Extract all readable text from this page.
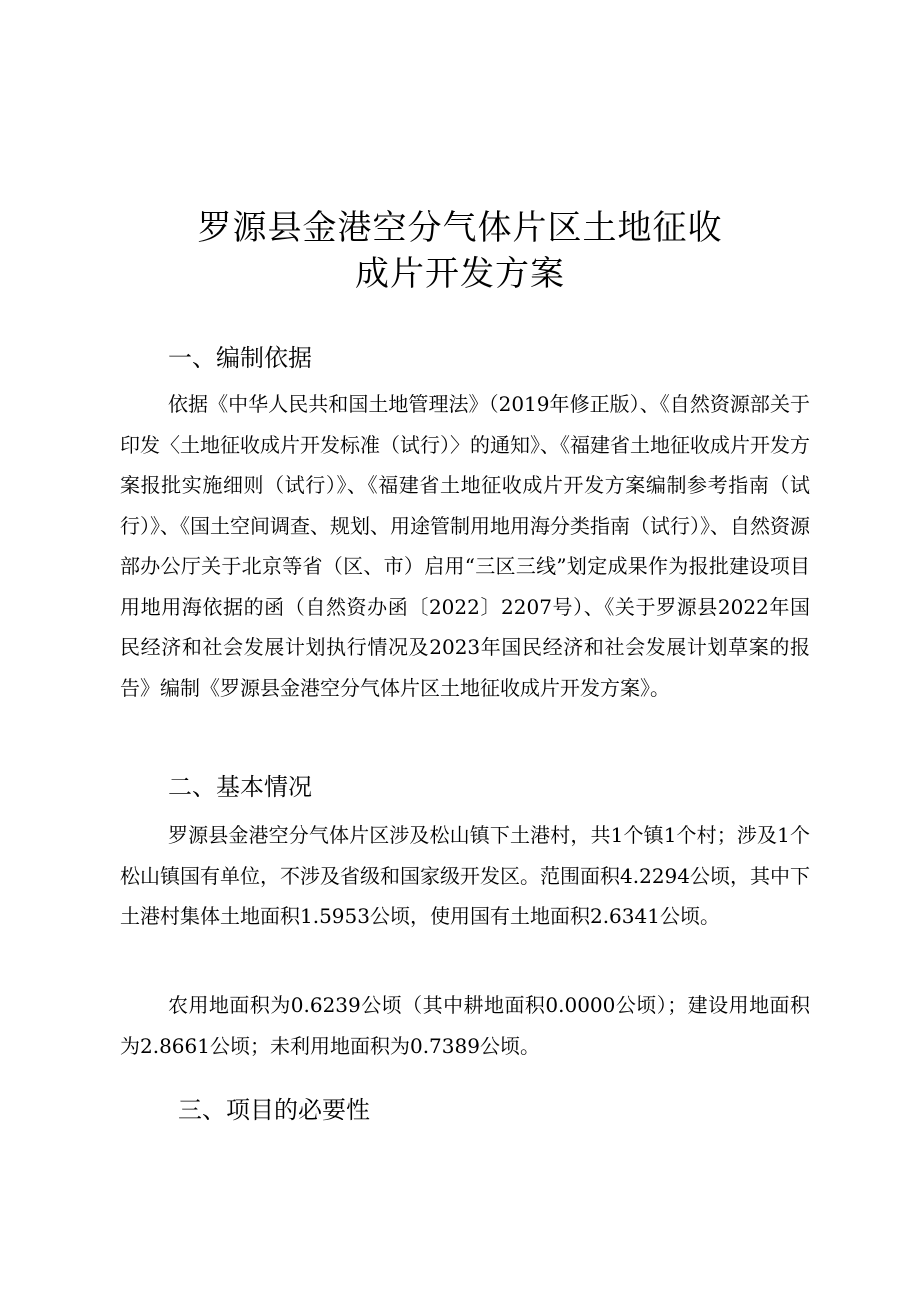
罗源县金港空分气体片区土地征收
成片开发方案
一、编制依据
依据《中华人民共和国土地管理法》（2019年修正版）、《自然资源部关于印发〈土地征收成片开发标准（试行）〉的通知》、《福建省土地征收成片开发方案报批实施细则（试行）》、《福建省土地征收成片开发方案编制参考指南（试行）》、《国土空间调查、规划、用途管制用地用海分类指南（试行）》、自然资源部办公厅关于北京等省（区、市）启用“三区三线”划定成果作为报批建设项目用地用海依据的函（自然资办函〔2022〕2207号）、《关于罗源县2022年国民经济和社会发展计划执行情况及2023年国民经济和社会发展计划草案的报告》编制《罗源县金港空分气体片区土地征收成片开发方案》。
二、基本情况
罗源县金港空分气体片区涉及松山镇下土港村，共1个镇1个村；涉及1个松山镇国有单位，不涉及省级和国家级开发区。范围面积4.2294公顷，其中下土港村集体土地面积1.5953公顷，使用国有土地面积2.6341公顷。
农用地面积为0.6239公顷（其中耕地面积0.0000公顷）；建设用地面积为2.8661公顷；未利用地面积为0.7389公顷。
三、项目的必要性
